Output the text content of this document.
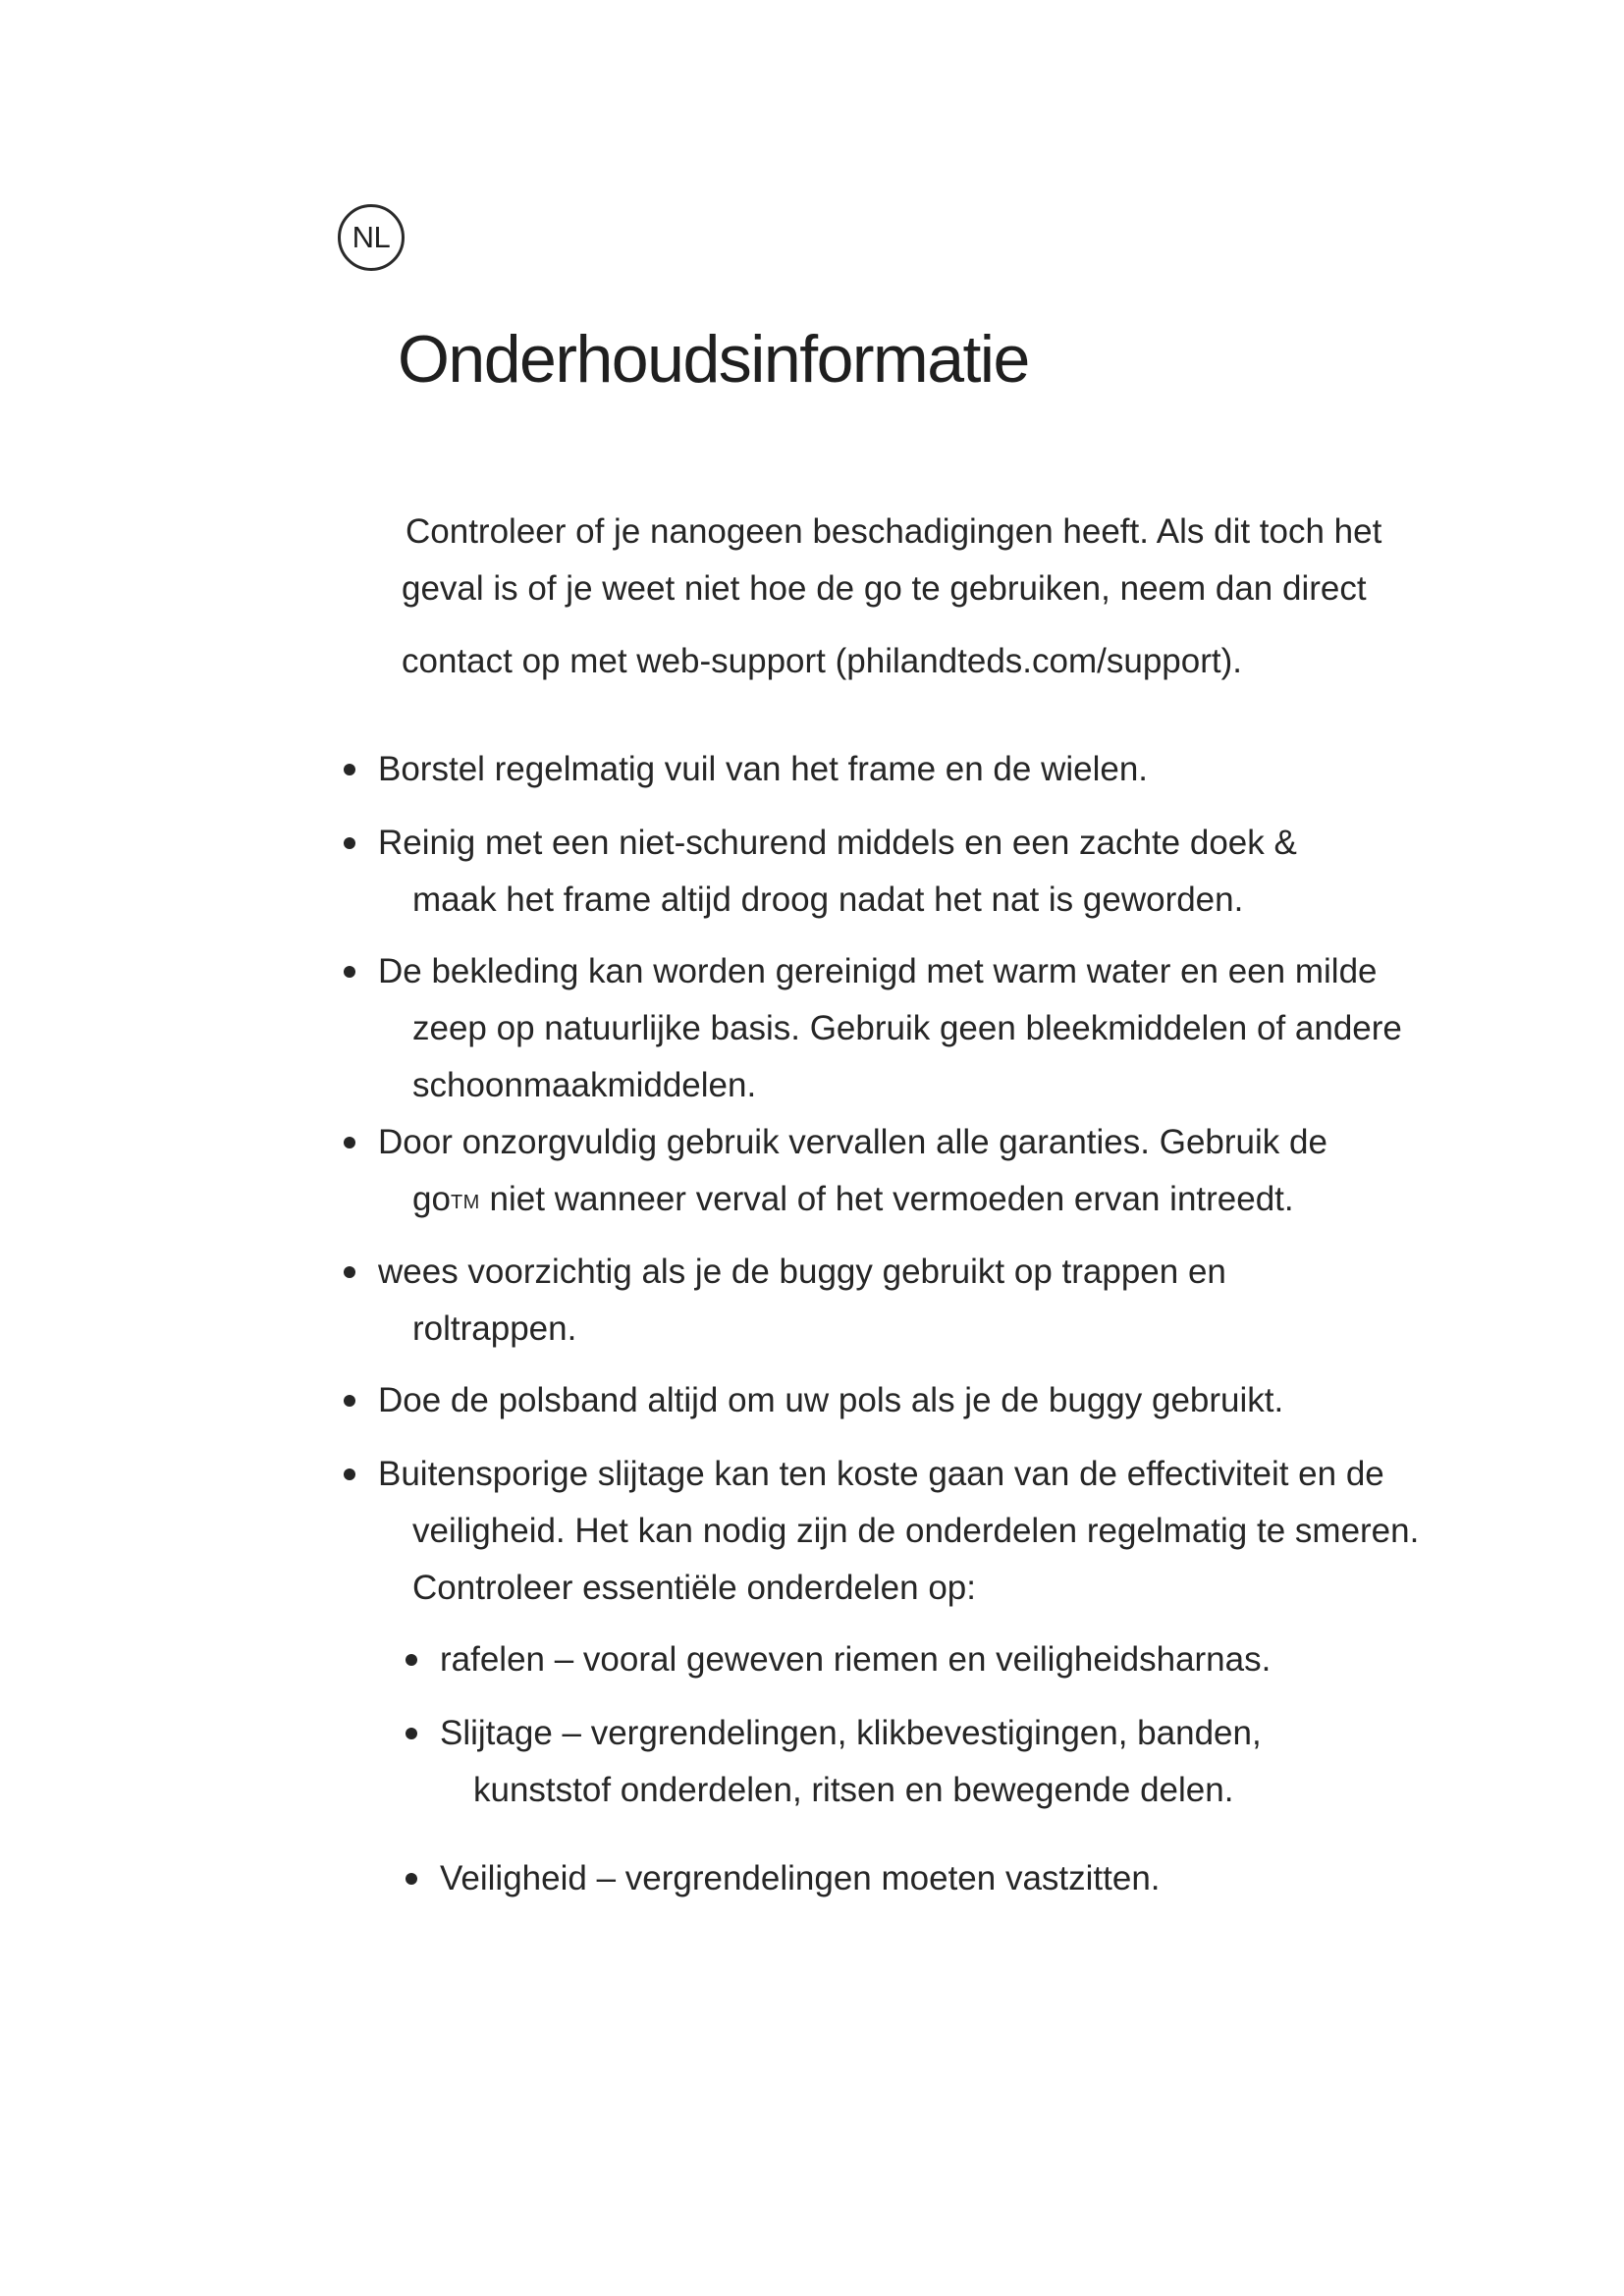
NL
Onderhoudsinformatie

Controleer of je nanogeen beschadigingen heeft. Als dit toch het

geval is of je weet niet hoe de go te gebruiken, neem dan direct

contact op met web-support (philandteds.com/support).

Borstel regelmatig vuil van het frame en de wielen.

Reinig met een niet-schurend middels en een zachte doek &

maak het frame altijd droog nadat het nat is geworden.

De bekleding kan worden gereinigd met warm water en een milde

zeep op natuurlijke basis. Gebruik geen bleekmiddelen of andere

schoonmaakmiddelen.

Door onzorgvuldig gebruik vervallen alle garanties. Gebruik de

goTM niet wanneer verval of het vermoeden ervan intreedt.

wees voorzichtig als je de buggy gebruikt op trappen en

roltrappen.

Doe de polsband altijd om uw pols als je de buggy gebruikt.

Buitensporige slijtage kan ten koste gaan van de effectiviteit en de

veiligheid. Het kan nodig zijn de onderdelen regelmatig te smeren.

Controleer essentiële onderdelen op:

rafelen – vooral geweven riemen en veiligheidsharnas.

Slijtage – vergrendelingen, klikbevestigingen, banden,

kunststof onderdelen, ritsen en bewegende delen.

Veiligheid – vergrendelingen moeten vastzitten.
